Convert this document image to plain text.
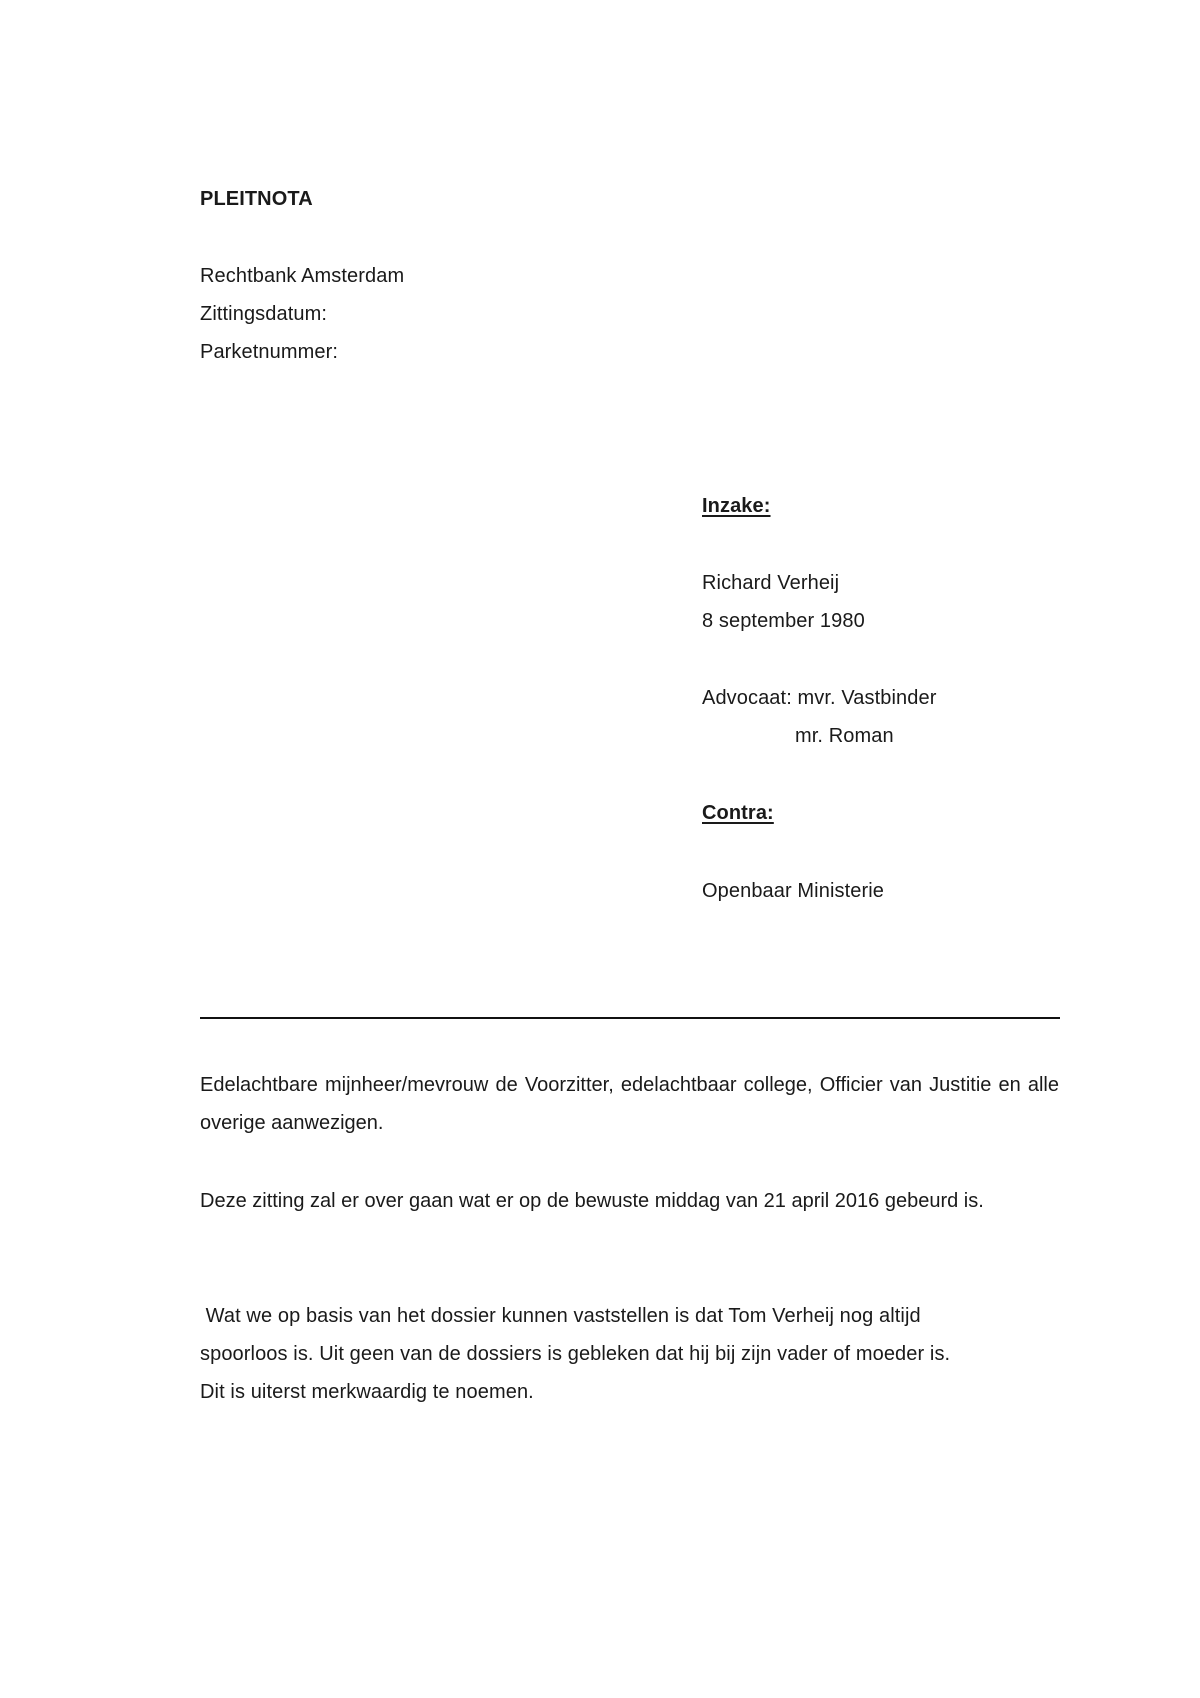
PLEITNOTA
Rechtbank Amsterdam
Zittingsdatum:
Parketnummer:
Inzake:
Richard Verheij
8 september 1980
Advocaat: mvr. Vastbinder
mr. Roman
Contra:
Openbaar Ministerie
Edelachtbare mijnheer/mevrouw de Voorzitter, edelachtbaar college, Officier van Justitie en alle overige aanwezigen.
Deze zitting zal er over gaan wat er op de bewuste middag van 21 april 2016 gebeurd is.
Wat we op basis van het dossier kunnen vaststellen is dat Tom Verheij nog altijd
spoorloos is. Uit geen van de dossiers is gebleken dat hij bij zijn vader of moeder is.
Dit is uiterst merkwaardig te noemen.
